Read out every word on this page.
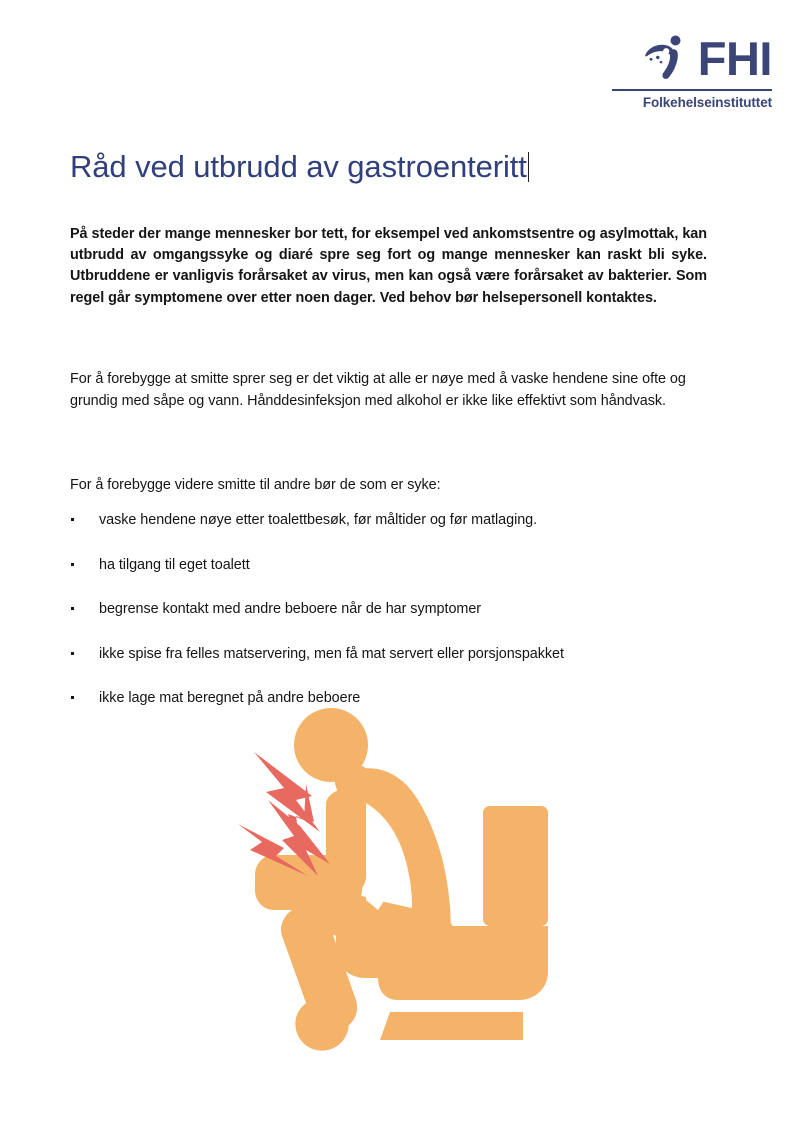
FHI
Folkehelseinstituttet
Råd ved utbrudd av gastroenteritt

På steder der mange mennesker bor tett, for eksempel ved ankomstsentre og asylmottak, kan utbrudd av omgangssyke og diaré spre seg fort og mange mennesker kan raskt bli syke. Utbruddene er vanligvis forårsaket av virus, men kan også være forårsaket av bakterier. Som regel går symptomene over etter noen dager. Ved behov bør helsepersonell kontaktes.

For å forebygge at smitte sprer seg er det viktig at alle er nøye med å vaske hendene sine ofte og grundig med såpe og vann. Hånddesinfeksjon med alkohol er ikke like effektivt som håndvask.

For å forebygge videre smitte til andre bør de som er syke:

vaske hendene nøye etter toalettbesøk, før måltider og før matlaging.
ha tilgang til eget toalett
begrense kontakt med andre beboere når de har symptomer
ikke spise fra felles matservering, men få mat servert eller porsjonspakket
ikke lage mat beregnet på andre beboere
